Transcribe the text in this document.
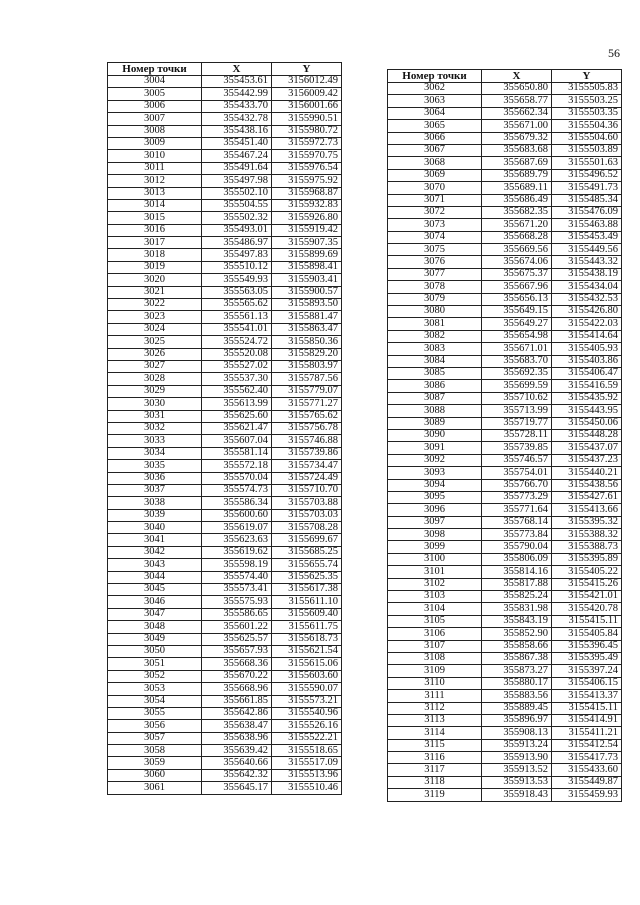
56
Номер точки	X	Y
3004	355453.61	3156012.49
3005	355442.99	3156009.42
3006	355433.70	3156001.66
3007	355432.78	3155990.51
3008	355438.16	3155980.72
3009	355451.40	3155972.73
3010	355467.24	3155970.75
3011	355491.64	3155976.54
3012	355497.98	3155975.92
3013	355502.10	3155968.87
3014	355504.55	3155932.83
3015	355502.32	3155926.80
3016	355493.01	3155919.42
3017	355486.97	3155907.35
3018	355497.83	3155899.69
3019	355510.12	3155898.41
3020	355549.93	3155903.41
3021	355563.05	3155900.57
3022	355565.62	3155893.50
3023	355561.13	3155881.47
3024	355541.01	3155863.47
3025	355524.72	3155850.36
3026	355520.08	3155829.20
3027	355527.02	3155803.97
3028	355537.30	3155787.56
3029	355562.40	3155779.07
3030	355613.99	3155771.27
3031	355625.60	3155765.62
3032	355621.47	3155756.78
3033	355607.04	3155746.88
3034	355581.14	3155739.86
3035	355572.18	3155734.47
3036	355570.04	3155724.49
3037	355574.73	3155710.70
3038	355586.34	3155703.88
3039	355600.60	3155703.03
3040	355619.07	3155708.28
3041	355623.63	3155699.67
3042	355619.62	3155685.25
3043	355598.19	3155655.74
3044	355574.40	3155625.35
3045	355573.41	3155617.38
3046	355575.93	3155611.10
3047	355586.65	3155609.40
3048	355601.22	3155611.75
3049	355625.57	3155618.73
3050	355657.93	3155621.54
3051	355668.36	3155615.06
3052	355670.22	3155603.60
3053	355668.96	3155590.07
3054	355661.85	3155573.21
3055	355642.86	3155540.96
3056	355638.47	3155526.16
3057	355638.96	3155522.21
3058	355639.42	3155518.65
3059	355640.66	3155517.09
3060	355642.32	3155513.96
3061	355645.17	3155510.46
Номер точки	X	Y
3062	355650.80	3155505.83
3063	355658.77	3155503.25
3064	355662.34	3155503.35
3065	355671.00	3155504.36
3066	355679.32	3155504.60
3067	355683.68	3155503.89
3068	355687.69	3155501.63
3069	355689.79	3155496.52
3070	355689.11	3155491.73
3071	355686.49	3155485.34
3072	355682.35	3155476.09
3073	355671.20	3155463.88
3074	355668.28	3155453.49
3075	355669.56	3155449.56
3076	355674.06	3155443.32
3077	355675.37	3155438.19
3078	355667.96	3155434.04
3079	355656.13	3155432.53
3080	355649.15	3155426.80
3081	355649.27	3155422.03
3082	355654.98	3155414.64
3083	355671.01	3155405.93
3084	355683.70	3155403.86
3085	355692.35	3155406.47
3086	355699.59	3155416.59
3087	355710.62	3155435.92
3088	355713.99	3155443.95
3089	355719.77	3155450.06
3090	355728.11	3155448.28
3091	355739.85	3155437.07
3092	355746.57	3155437.23
3093	355754.01	3155440.21
3094	355766.70	3155438.56
3095	355773.29	3155427.61
3096	355771.64	3155413.66
3097	355768.14	3155395.32
3098	355773.84	3155388.32
3099	355790.04	3155388.73
3100	355806.09	3155395.89
3101	355814.16	3155405.22
3102	355817.88	3155415.26
3103	355825.24	3155421.01
3104	355831.98	3155420.78
3105	355843.19	3155415.11
3106	355852.90	3155405.84
3107	355858.66	3155396.45
3108	355867.38	3155395.49
3109	355873.27	3155397.24
3110	355880.17	3155406.15
3111	355883.56	3155413.37
3112	355889.45	3155415.11
3113	355896.97	3155414.91
3114	355908.13	3155411.21
3115	355913.24	3155412.54
3116	355913.90	3155417.73
3117	355913.52	3155433.60
3118	355913.53	3155449.87
3119	355918.43	3155459.93
